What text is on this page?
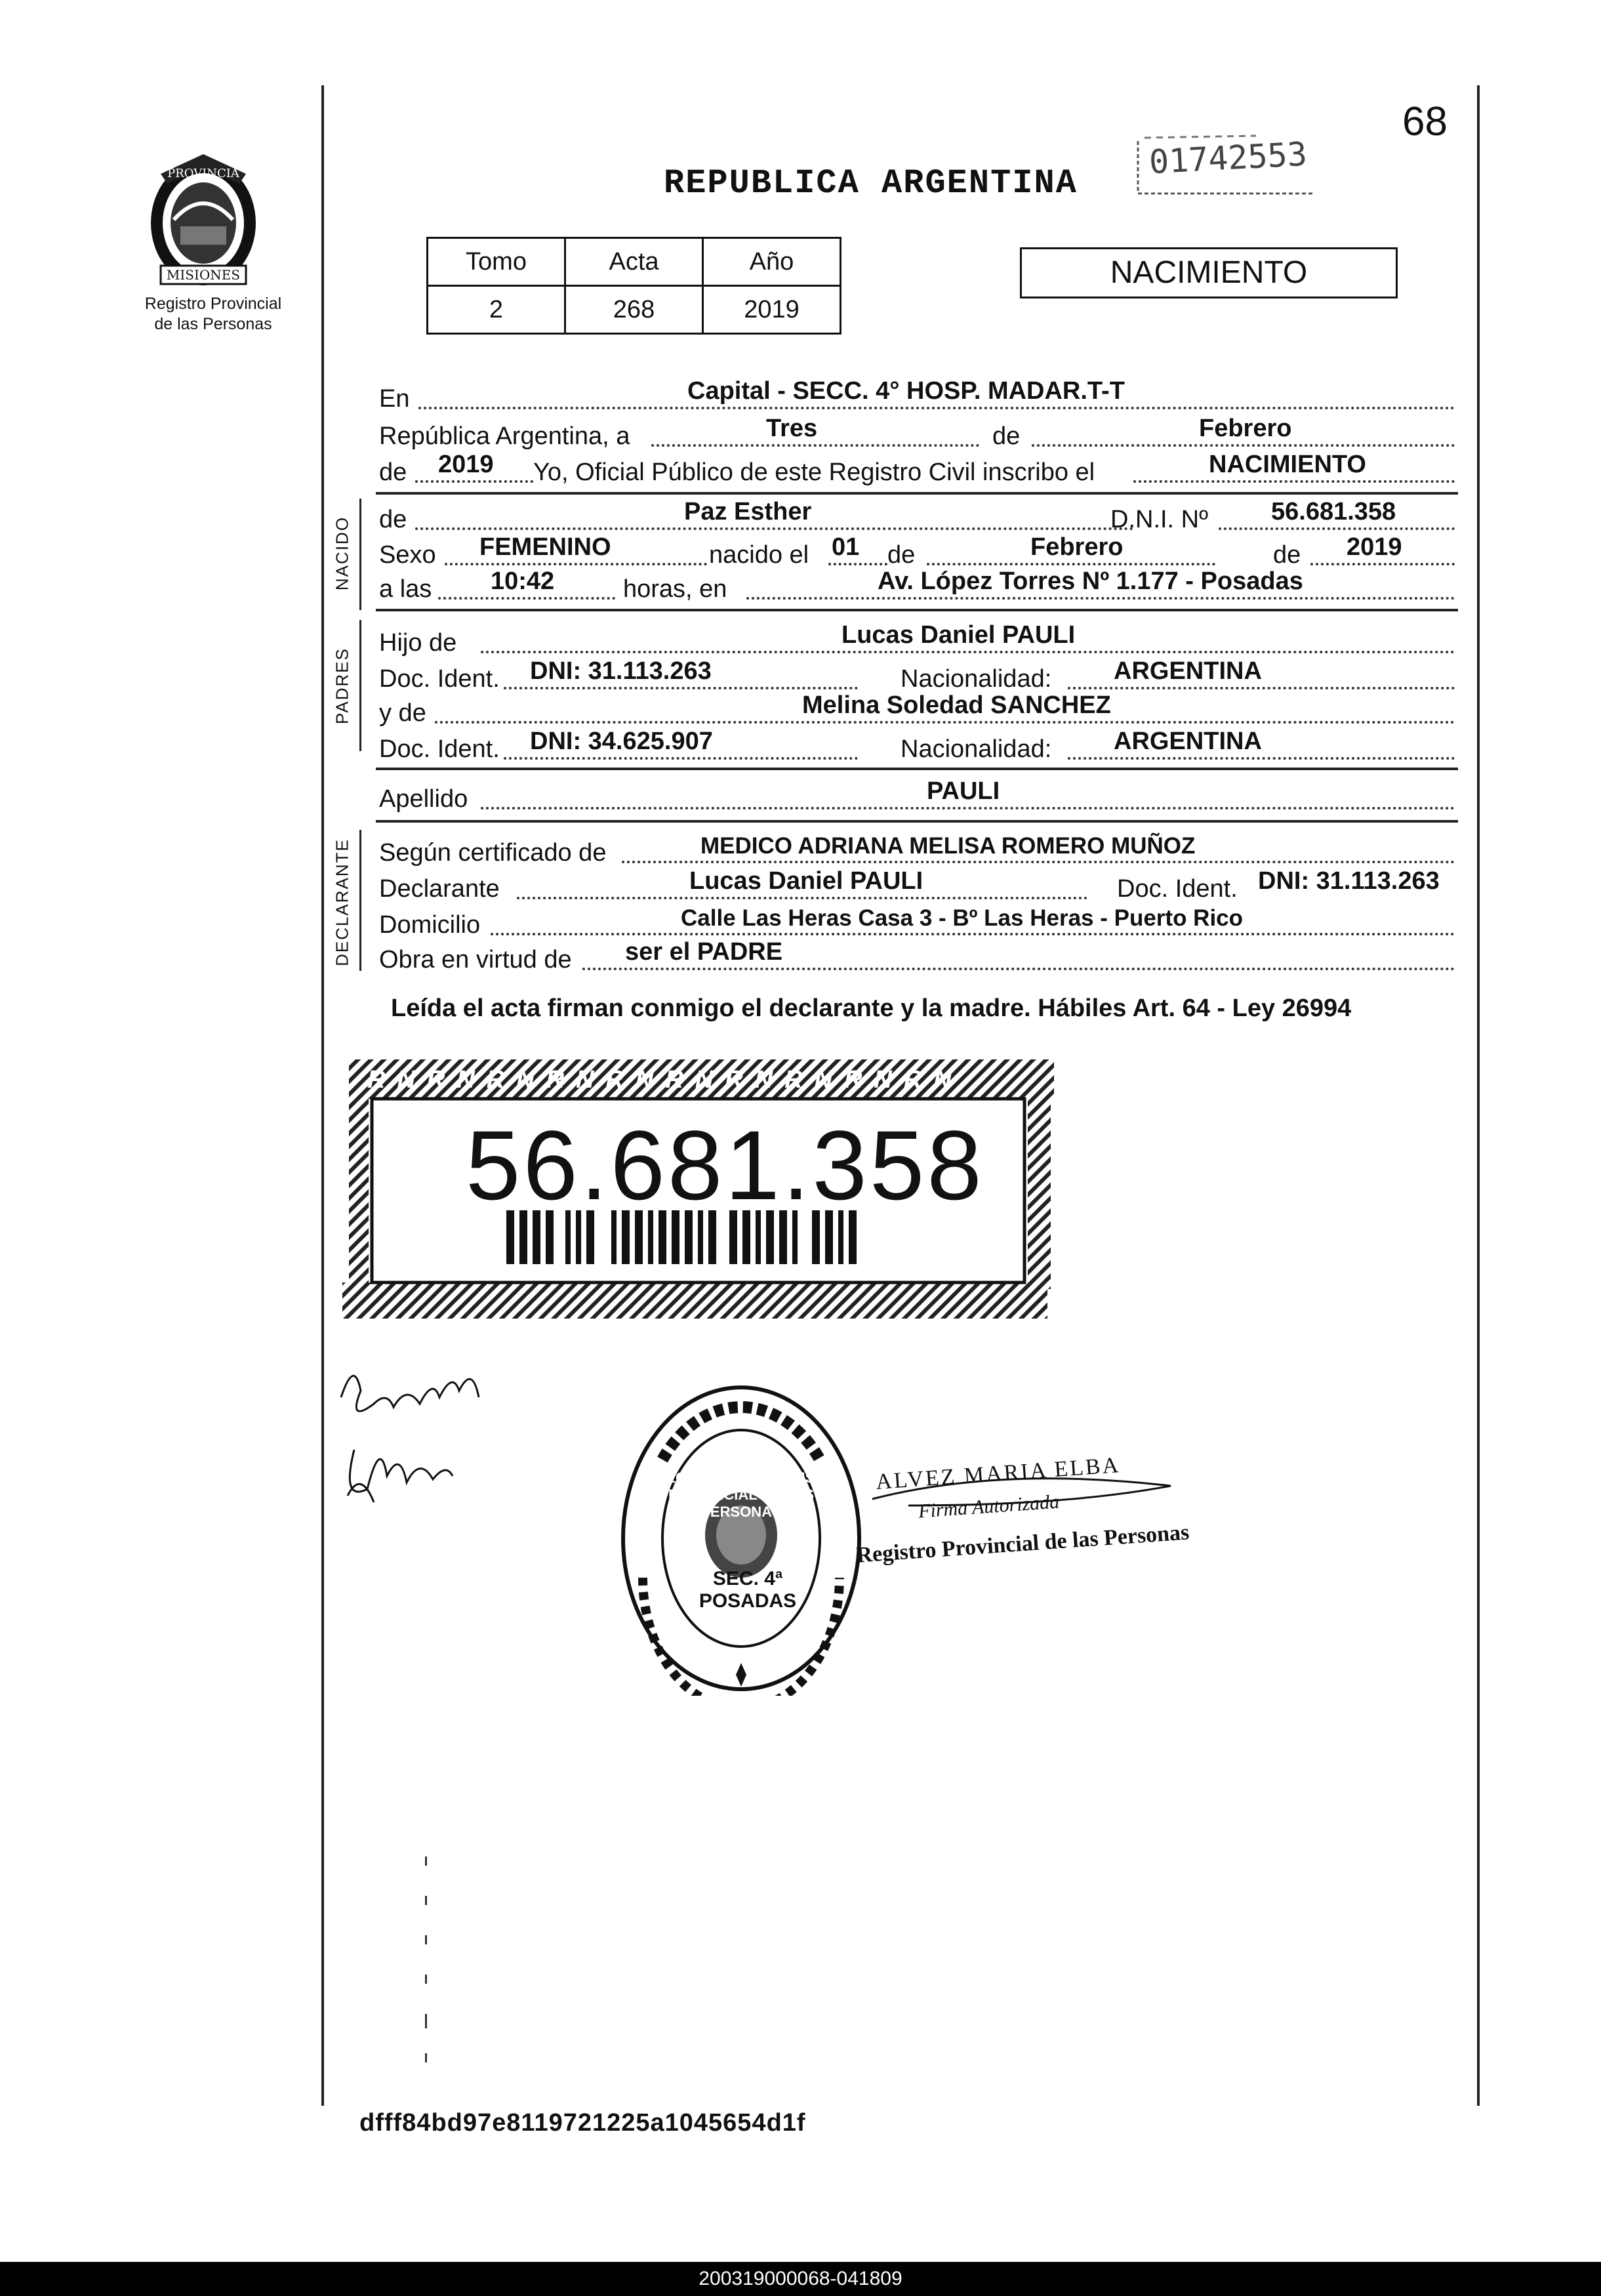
PROVINCIA
MISIONES
Registro Provincial
de las Personas
68
01742553
REPUBLICA ARGENTINA
Tomo	Acta	Año
2	268	2019
NACIMIENTO
En	Capital - SECC. 4° HOSP. MADAR.T-T
República Argentina, a	Tres	de	Febrero
de 2019 Yo, Oficial Público de este Registro Civil inscribo el	NACIMIENTO
NACIDO de	Paz Esther	D.N.I. Nº	56.681.358
Sexo FEMENINO	nacido el 01 de	Febrero	de 2019
a las 10:42	horas, en	Av. López Torres Nº 1.177 - Posadas
PADRES
Hijo de	Lucas Daniel PAULI
Doc. Ident. DNI: 31.113.263	Nacionalidad: ARGENTINA
y de	Melina Soledad SANCHEZ
Doc. Ident. DNI: 34.625.907	Nacionalidad: ARGENTINA
Apellido	PAULI
DECLARANTE Según certificado de	MEDICO ADRIANA MELISA ROMERO MUÑOZ
Declarante	Lucas Daniel PAULI	Doc. Ident. DNI: 31.113.263
Domicilio	Calle Las Heras Casa 3 - Bº Las Heras - Puerto Rico
Obra en virtud de ser el PADRE
Leída el acta firman conmigo el declarante y la madre. Hábiles Art. 64 - Ley 26994
RNRNRNRNRNRNRNRNRNRN
56.681.358
DELEGACION DEL REGISTRO PROVINCIAL DE LAS PERSONAS
SEC. 4ª POSADAS
ALVEZ MARIA ELBA
Firma Autorizada
Registro Provincial de las Personas
dfff84bd97e8119721225a1045654d1f
200319000068-041809
